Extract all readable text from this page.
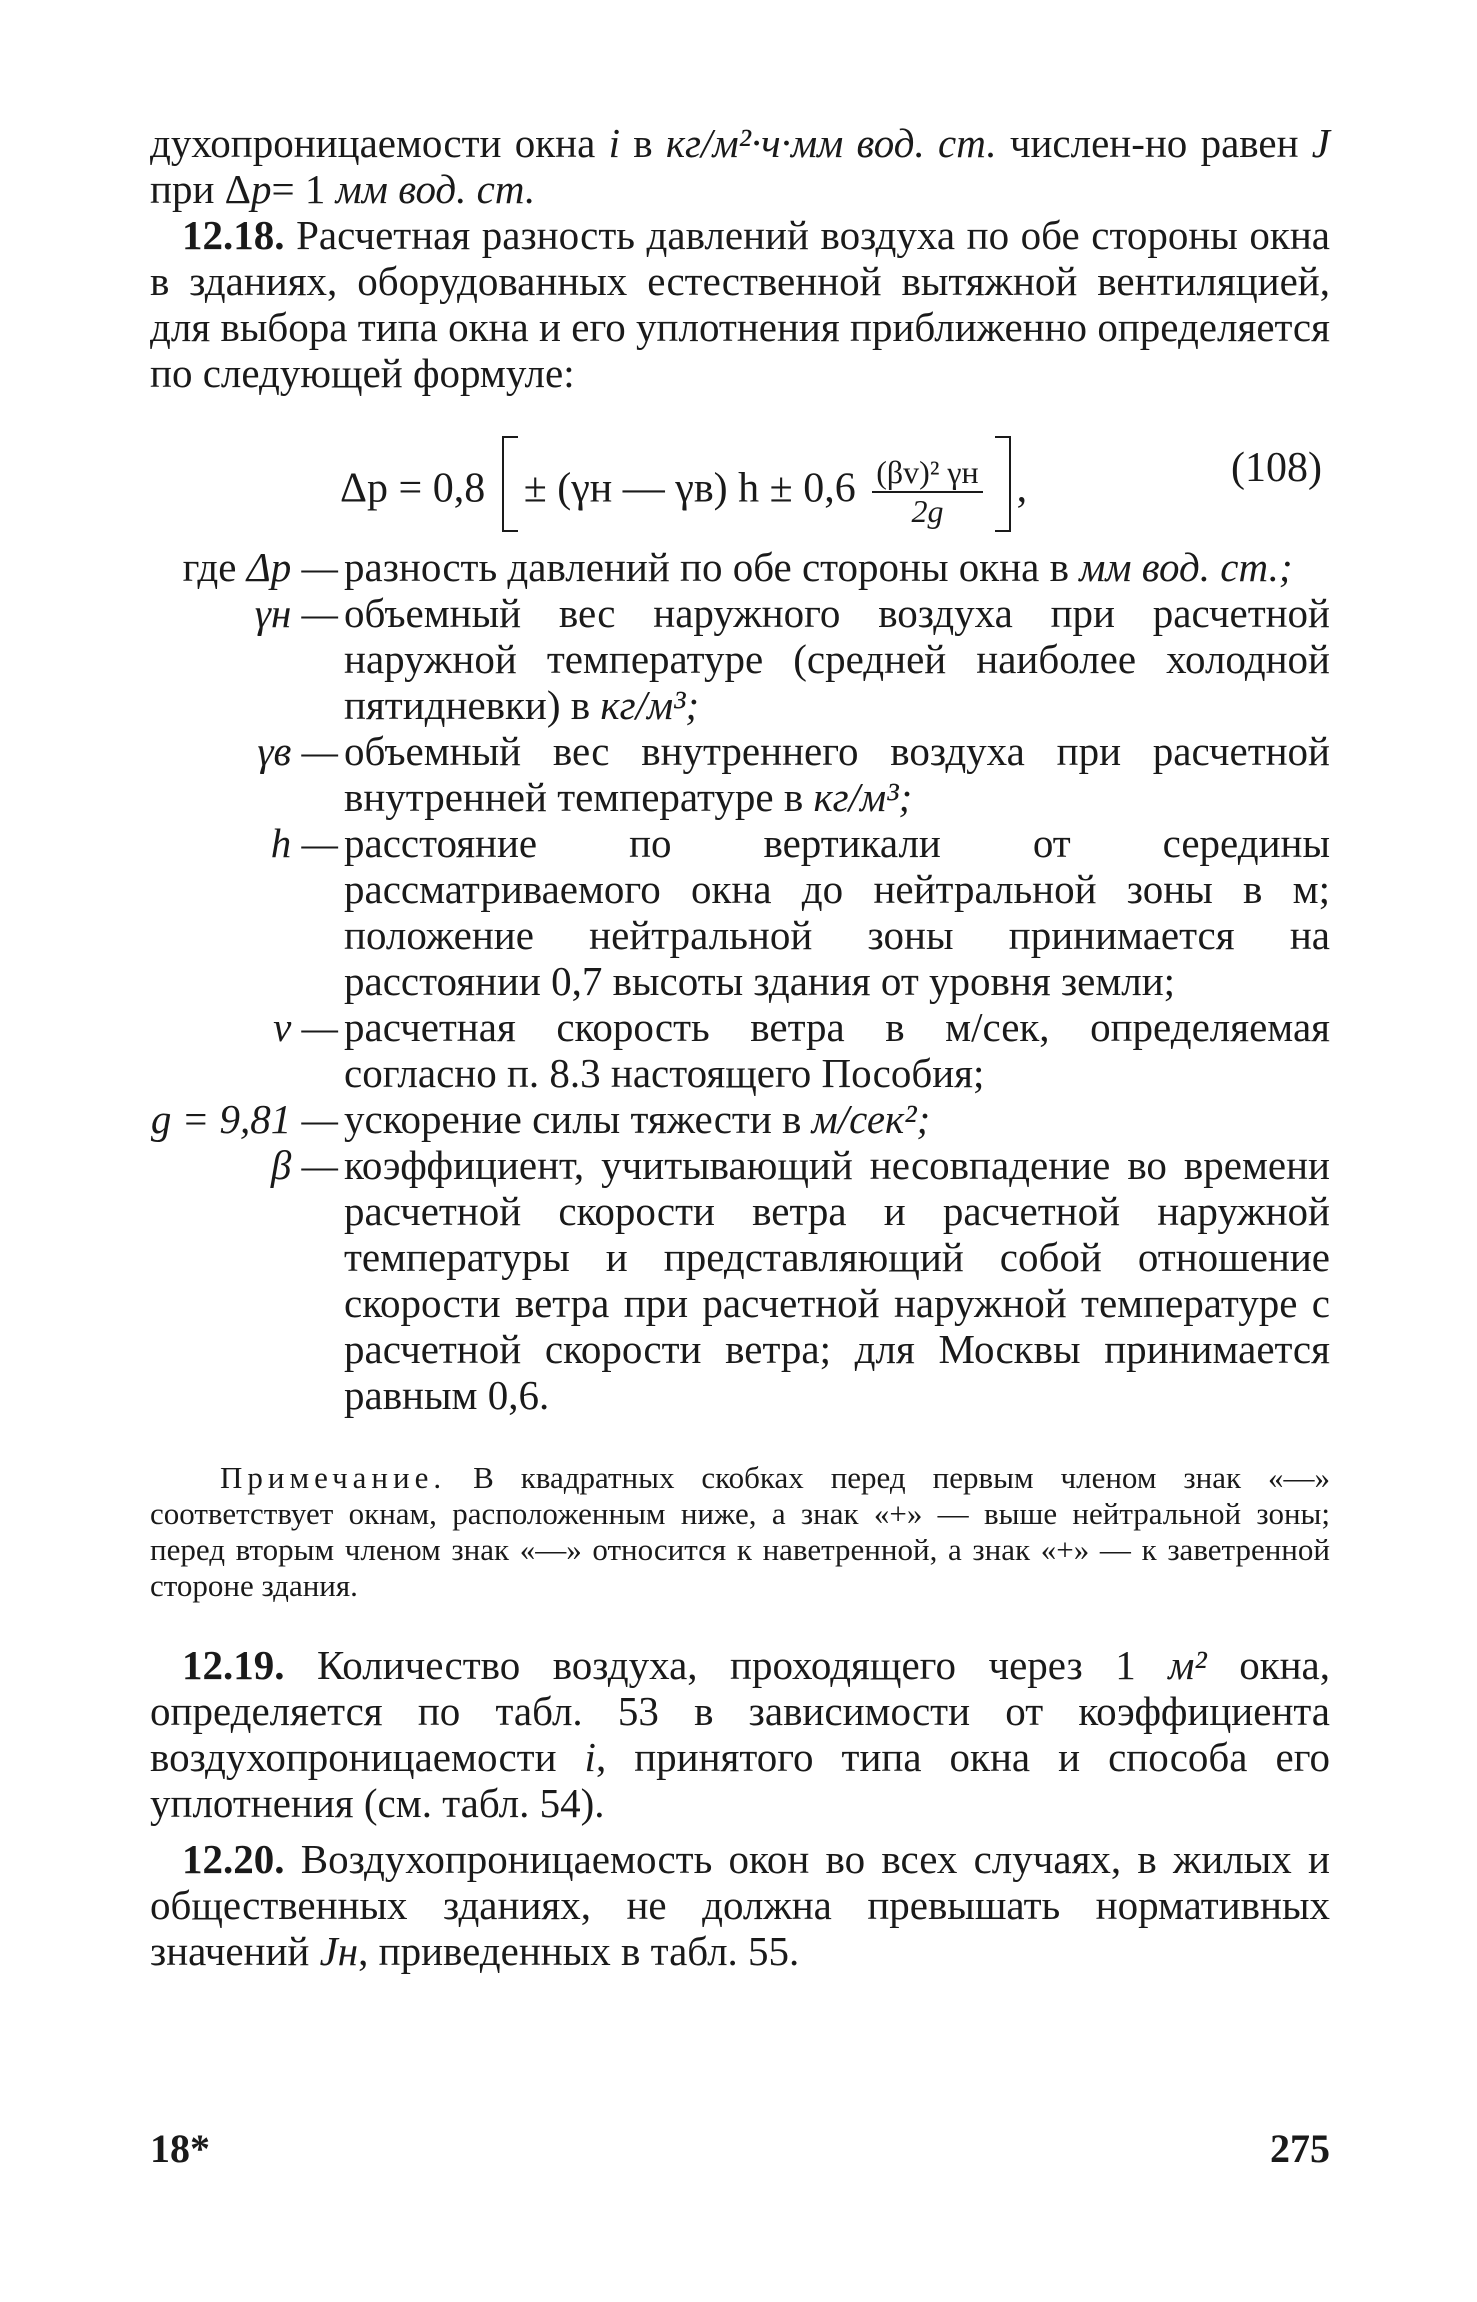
духопроницаемости окна i в кг/м²·ч·мм вод. ст. числен-но равен J при Δp= 1 мм вод. ст.

12.18. Расчетная разность давлений воздуха по обе стороны окна в зданиях, оборудованных естественной вытяжной вентиляцией, для выбора типа окна и его уплотнения приближенно определяется по следующей формуле:

Δp = 0,8 ± (γн — γв) $h \pm 0,6 \frac{\text{(βv)² γн}}{2g}$ ,	(108)
где Δp — разность давлений по обе стороны окна в мм вод. ст.;
γн — объемный вес наружного воздуха при расчетной наружной температуре (средней наиболее холодной пятидневки) в кг/м³;
γв — объемный вес внутреннего воздуха при расчетной внутренней температуре в кг/м³;
h — расстояние по вертикали от середины рассматриваемого окна до нейтральной зоны в м; положение нейтральной зоны принимается на расстоянии 0,7 высоты здания от уровня земли;
v — расчетная скорость ветра в м/сек, определяемая согласно п. 8.3 настоящего Пособия;
g = 9,81 — ускорение силы тяжести в м/сек²;
β — коэффициент, учитывающий несовпадение во времени расчетной скорости ветра и расчетной наружной температуры и представляющий собой отношение скорости ветра при расчетной наружной температуре с расчетной скорости ветра; для Москвы принимается равным 0,6.

Примечание. В квадратных скобках перед первым членом знак «—» соответствует окнам, расположенным ниже, а знак «+» — выше нейтральной зоны; перед вторым членом знак «—» относится к наветренной, а знак «+» — к заветренной стороне здания.

12.19. Количество воздуха, проходящего через 1 м² окна, определяется по табл. 53 в зависимости от коэффициента воздухопроницаемости i, принятого типа окна и способа его уплотнения (см. табл. 54).

12.20. Воздухопроницаемость окон во всех случаях, в жилых и общественных зданиях, не должна превышать нормативных значений Jн, приведенных в табл. 55.

18*	275
